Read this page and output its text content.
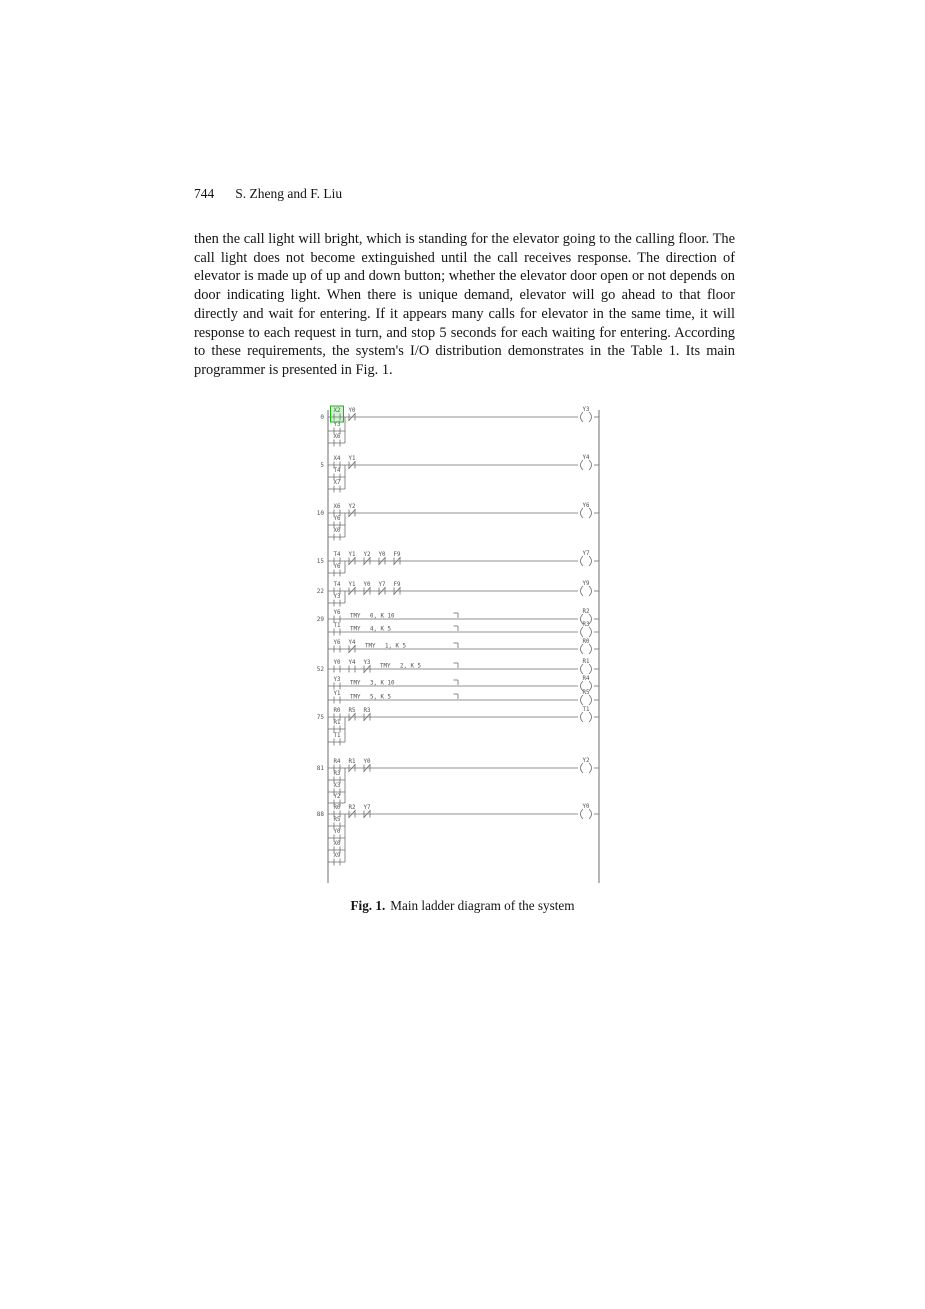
744 S. Zheng and F. Liu

then the call light will bright, which is standing for the elevator going to the calling floor. The call light does not become extinguished until the call receives response. The direction of elevator is made up of up and down button; whether the elevator door open or not depends on door indicating light. When there is unique demand, elevator will go ahead to that floor directly and wait for entering. If it appears many calls for elevator in the same time, it will response to each request in turn, and stop 5 seconds for each waiting for entering. According to these requirements, the system's I/O distribution demonstrates in the Table 1. Its main programmer is presented in Fig. 1.

0
X2 Y0	Y3
Y3
X6
5
X4 Y1	Y4
T4
X7
10
X6 Y2	Y6
Y6
X0
15
T4 Y1 Y2 Y0 F9	Y7
Y6
22
T4 Y1 Y0 Y7 F9	Y9
Y3
29
Y6
TMY 0, K 10
R2
T1
TMY 4, K 5
R3
Y6 Y4
TMY 1, K 5
R0
52
Y0 Y4 Y3
TMY 2, K 5
R1
Y3
TMY 3, K 10
R4
Y1
TMY 5, K 5
R5
75
R0 R5 R3	T1
R1
T1
81
R4 R1 Y0	Y2
R3
X3
Y2
88
R0 R2 Y7	Y0
R5
Y0
X0
X9
Fig. 1. Main ladder diagram of the system
